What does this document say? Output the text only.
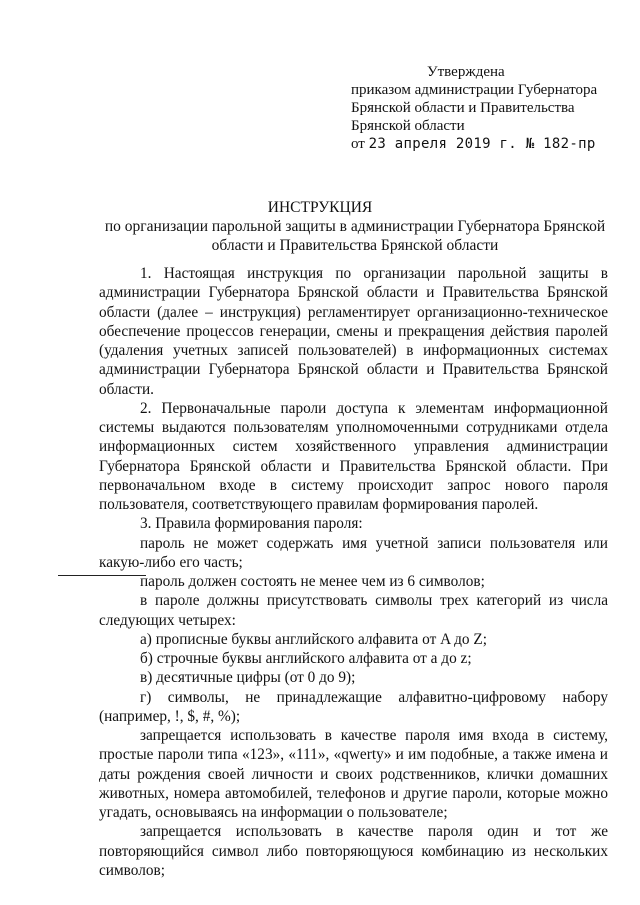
Утверждена
приказом администрации Губернатора
Брянской области и Правительства
Брянской области
от 23 апреля 2019 г. № 182-пр
ИНСТРУКЦИЯ
по организации парольной защиты в администрации Губернатора Брянской области и Правительства Брянской области

1. Настоящая инструкция по организации парольной защиты в администрации Губернатора Брянской области и Правительства Брянской области (далее – инструкция) регламентирует организационно-техническое обеспечение процессов генерации, смены и прекращения действия паролей (удаления учетных записей пользователей) в информационных системах администрации Губернатора Брянской области и Правительства Брянской области.

2. Первоначальные пароли доступа к элементам информационной системы выдаются пользователям уполномоченными сотрудниками отдела информационных систем хозяйственного управления администрации Губернатора Брянской области и Правительства Брянской области. При первоначальном входе в систему происходит запрос нового пароля пользователя, соответствующего правилам формирования паролей.

3. Правила формирования пароля:

пароль не может содержать имя учетной записи пользователя или какую-либо его часть;

пароль должен состоять не менее чем из 6 символов;

в пароле должны присутствовать символы трех категорий из числа следующих четырех:

а) прописные буквы английского алфавита от A до Z;

б) строчные буквы английского алфавита от a до z;

в) десятичные цифры (от 0 до 9);

г) символы, не принадлежащие алфавитно-цифровому набору (например, !, $, #, %);

запрещается использовать в качестве пароля имя входа в систему, простые пароли типа «123», «111», «qwerty» и им подобные, а также имена и даты рождения своей личности и своих родственников, клички домашних животных, номера автомобилей, телефонов и другие пароли, которые можно угадать, основываясь на информации о пользователе;

запрещается использовать в качестве пароля один и тот же повторяющийся символ либо повторяющуюся комбинацию из нескольких символов;
